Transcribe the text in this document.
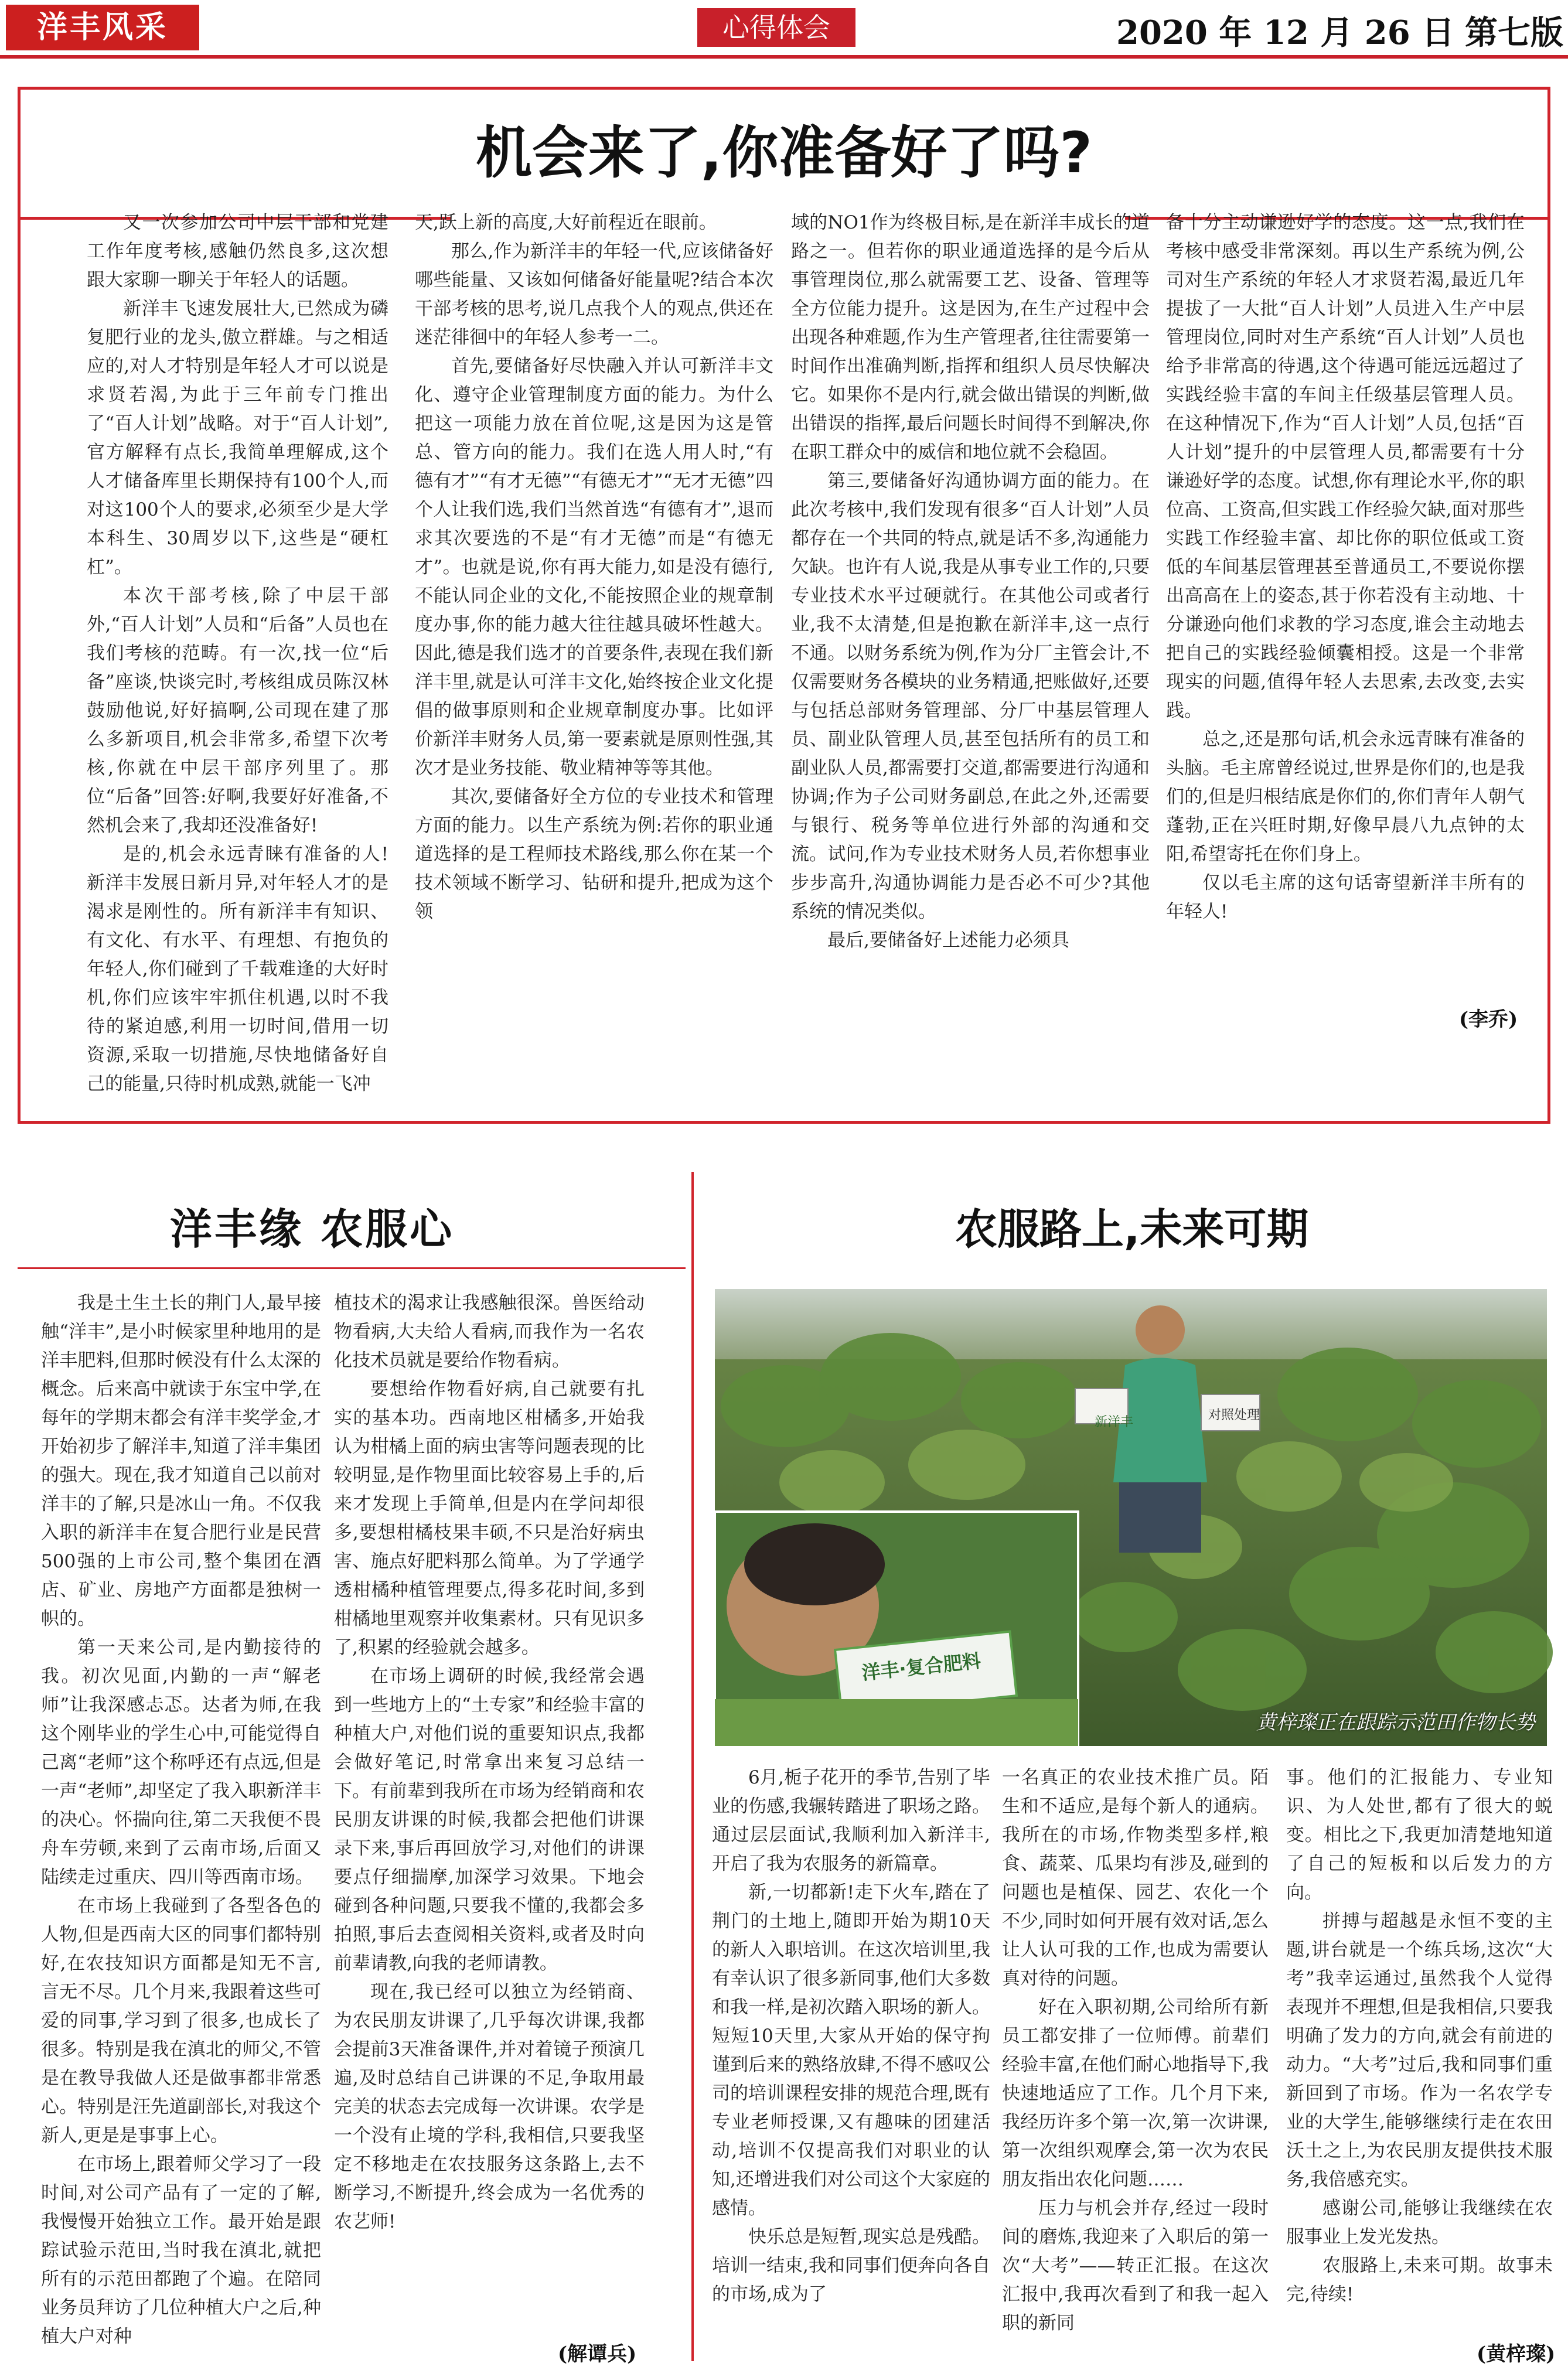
洋丰风采	心得体会	2020 年 12 月 26 日 第七版
机会来了,你准备好了吗?

又一次参加公司中层干部和党建工作年度考核,感触仍然良多,这次想跟大家聊一聊关于年轻人的话题。

新洋丰飞速发展壮大,已然成为磷复肥行业的龙头,傲立群雄。与之相适应的,对人才特别是年轻人才可以说是求贤若渴,为此于三年前专门推出了“百人计划”战略。对于“百人计划”,官方解释有点长,我简单理解成,这个人才储备库里长期保持有100个人,而对这100个人的要求,必须至少是大学本科生、30周岁以下,这些是“硬杠杠”。

本次干部考核,除了中层干部外,“百人计划”人员和“后备”人员也在我们考核的范畴。有一次,找一位“后备”座谈,快谈完时,考核组成员陈汉林鼓励他说,好好搞啊,公司现在建了那么多新项目,机会非常多,希望下次考核,你就在中层干部序列里了。那位“后备”回答:好啊,我要好好准备,不然机会来了,我却还没准备好!

是的,机会永远青睐有准备的人!新洋丰发展日新月异,对年轻人才的是渴求是刚性的。所有新洋丰有知识、有文化、有水平、有理想、有抱负的年轻人,你们碰到了千载难逢的大好时机,你们应该牢牢抓住机遇,以时不我待的紧迫感,利用一切时间,借用一切资源,采取一切措施,尽快地储备好自己的能量,只待时机成熟,就能一飞冲

天,跃上新的高度,大好前程近在眼前。

那么,作为新洋丰的年轻一代,应该储备好哪些能量、又该如何储备好能量呢?结合本次干部考核的思考,说几点我个人的观点,供还在迷茫徘徊中的年轻人参考一二。

首先,要储备好尽快融入并认可新洋丰文化、遵守企业管理制度方面的能力。为什么把这一项能力放在首位呢,这是因为这是管总、管方向的能力。我们在选人用人时,“有德有才”“有才无德”“有德无才”“无才无德”四个人让我们选,我们当然首选“有德有才”,退而求其次要选的不是“有才无德”而是“有德无才”。也就是说,你有再大能力,如是没有德行,不能认同企业的文化,不能按照企业的规章制度办事,你的能力越大往往越具破坏性越大。因此,德是我们选才的首要条件,表现在我们新洋丰里,就是认可洋丰文化,始终按企业文化提倡的做事原则和企业规章制度办事。比如评价新洋丰财务人员,第一要素就是原则性强,其次才是业务技能、敬业精神等等其他。

其次,要储备好全方位的专业技术和管理方面的能力。以生产系统为例:若你的职业通道选择的是工程师技术路线,那么你在某一个技术领域不断学习、钻研和提升,把成为这个领

域的NO1作为终极目标,是在新洋丰成长的道路之一。但若你的职业通道选择的是今后从事管理岗位,那么就需要工艺、设备、管理等全方位能力提升。这是因为,在生产过程中会出现各种难题,作为生产管理者,往往需要第一时间作出准确判断,指挥和组织人员尽快解决它。如果你不是内行,就会做出错误的判断,做出错误的指挥,最后问题长时间得不到解决,你在职工群众中的威信和地位就不会稳固。

第三,要储备好沟通协调方面的能力。在此次考核中,我们发现有很多“百人计划”人员都存在一个共同的特点,就是话不多,沟通能力欠缺。也许有人说,我是从事专业工作的,只要专业技术水平过硬就行。在其他公司或者行业,我不太清楚,但是抱歉在新洋丰,这一点行不通。以财务系统为例,作为分厂主管会计,不仅需要财务各模块的业务精通,把账做好,还要与包括总部财务管理部、分厂中基层管理人员、副业队管理人员,甚至包括所有的员工和副业队人员,都需要打交道,都需要进行沟通和协调;作为子公司财务副总,在此之外,还需要与银行、税务等单位进行外部的沟通和交流。试问,作为专业技术财务人员,若你想事业步步高升,沟通协调能力是否必不可少?其他系统的情况类似。

最后,要储备好上述能力必须具

备十分主动谦逊好学的态度。这一点,我们在考核中感受非常深刻。再以生产系统为例,公司对生产系统的年轻人才求贤若渴,最近几年提拔了一大批“百人计划”人员进入生产中层管理岗位,同时对生产系统“百人计划”人员也给予非常高的待遇,这个待遇可能远远超过了实践经验丰富的车间主任级基层管理人员。在这种情况下,作为“百人计划”人员,包括“百人计划”提升的中层管理人员,都需要有十分谦逊好学的态度。试想,你有理论水平,你的职位高、工资高,但实践工作经验欠缺,面对那些实践工作经验丰富、却比你的职位低或工资低的车间基层管理甚至普通员工,不要说你摆出高高在上的姿态,甚于你若没有主动地、十分谦逊向他们求教的学习态度,谁会主动地去把自己的实践经验倾囊相授。这是一个非常现实的问题,值得年轻人去思索,去改变,去实践。

总之,还是那句话,机会永远青睐有准备的头脑。毛主席曾经说过,世界是你们的,也是我们的,但是归根结底是你们的,你们青年人朝气蓬勃,正在兴旺时期,好像早晨八九点钟的太阳,希望寄托在你们身上。

仅以毛主席的这句话寄望新洋丰所有的年轻人!

(李乔)
洋丰缘 农服心

我是土生土长的荆门人,最早接触“洋丰”,是小时候家里种地用的是洋丰肥料,但那时候没有什么太深的概念。后来高中就读于东宝中学,在每年的学期末都会有洋丰奖学金,才开始初步了解洋丰,知道了洋丰集团的强大。现在,我才知道自己以前对洋丰的了解,只是冰山一角。不仅我入职的新洋丰在复合肥行业是民营500强的上市公司,整个集团在酒店、矿业、房地产方面都是独树一帜的。

第一天来公司,是内勤接待的我。初次见面,内勤的一声“解老师”让我深感忐忑。达者为师,在我这个刚毕业的学生心中,可能觉得自己离“老师”这个称呼还有点远,但是一声“老师”,却坚定了我入职新洋丰的决心。怀揣向往,第二天我便不畏舟车劳顿,来到了云南市场,后面又陆续走过重庆、四川等西南市场。

在市场上我碰到了各型各色的人物,但是西南大区的同事们都特别好,在农技知识方面都是知无不言,言无不尽。几个月来,我跟着这些可爱的同事,学习到了很多,也成长了很多。特别是我在滇北的师父,不管是在教导我做人还是做事都非常悉心。特别是汪先道副部长,对我这个新人,更是是事事上心。

在市场上,跟着师父学习了一段时间,对公司产品有了一定的了解,我慢慢开始独立工作。最开始是跟踪试验示范田,当时我在滇北,就把所有的示范田都跑了个遍。在陪同业务员拜访了几位种植大户之后,种植大户对种

植技术的渴求让我感触很深。兽医给动物看病,大夫给人看病,而我作为一名农化技术员就是要给作物看病。

要想给作物看好病,自己就要有扎实的基本功。西南地区柑橘多,开始我认为柑橘上面的病虫害等问题表现的比较明显,是作物里面比较容易上手的,后来才发现上手简单,但是内在学问却很多,要想柑橘枝果丰硕,不只是治好病虫害、施点好肥料那么简单。为了学通学透柑橘种植管理要点,得多花时间,多到柑橘地里观察并收集素材。只有见识多了,积累的经验就会越多。

在市场上调研的时候,我经常会遇到一些地方上的“土专家”和经验丰富的种植大户,对他们说的重要知识点,我都会做好笔记,时常拿出来复习总结一下。有前辈到我所在市场为经销商和农民朋友讲课的时候,我都会把他们讲课录下来,事后再回放学习,对他们的讲课要点仔细揣摩,加深学习效果。下地会碰到各种问题,只要我不懂的,我都会多拍照,事后去查阅相关资料,或者及时向前辈请教,向我的老师请教。

现在,我已经可以独立为经销商、为农民朋友讲课了,几乎每次讲课,我都会提前3天准备课件,并对着镜子预演几遍,及时总结自己讲课的不足,争取用最完美的状态去完成每一次讲课。农学是一个没有止境的学科,我相信,只要我坚定不移地走在农技服务这条路上,去不断学习,不断提升,终会成为一名优秀的农艺师!

(解谭兵)
农服路上,未来可期
新洋丰	对照处理
洋丰·复合肥料
黄梓璨正在跟踪示范田作物长势

6月,栀子花开的季节,告别了毕业的伤感,我辗转踏进了职场之路。通过层层面试,我顺利加入新洋丰,开启了我为农服务的新篇章。

新,一切都新!走下火车,踏在了荆门的土地上,随即开始为期10天的新人入职培训。在这次培训里,我有幸认识了很多新同事,他们大多数和我一样,是初次踏入职场的新人。短短10天里,大家从开始的保守拘谨到后来的熟络放肆,不得不感叹公司的培训课程安排的规范合理,既有专业老师授课,又有趣味的团建活动,培训不仅提高我们对职业的认知,还增进我们对公司这个大家庭的感情。

快乐总是短暂,现实总是残酷。培训一结束,我和同事们便奔向各自的市场,成为了

一名真正的农业技术推广员。陌生和不适应,是每个新人的通病。我所在的市场,作物类型多样,粮食、蔬菜、瓜果均有涉及,碰到的问题也是植保、园艺、农化一个不少,同时如何开展有效对话,怎么让人认可我的工作,也成为需要认真对待的问题。

好在入职初期,公司给所有新员工都安排了一位师傅。前辈们经验丰富,在他们耐心地指导下,我快速地适应了工作。几个月下来,我经历许多个第一次,第一次讲课,第一次组织观摩会,第一次为农民朋友指出农化问题……

压力与机会并存,经过一段时间的磨炼,我迎来了入职后的第一次“大考”——转正汇报。在这次汇报中,我再次看到了和我一起入职的新同

事。他们的汇报能力、专业知识、为人处世,都有了很大的蜕变。相比之下,我更加清楚地知道了自己的短板和以后发力的方向。

拼搏与超越是永恒不变的主题,讲台就是一个练兵场,这次“大考”我幸运通过,虽然我个人觉得表现并不理想,但是我相信,只要我明确了发力的方向,就会有前进的动力。“大考”过后,我和同事们重新回到了市场。作为一名农学专业的大学生,能够继续行走在农田沃土之上,为农民朋友提供技术服务,我倍感充实。

感谢公司,能够让我继续在农服事业上发光发热。

农服路上,未来可期。故事未完,待续!

(黄梓璨)
